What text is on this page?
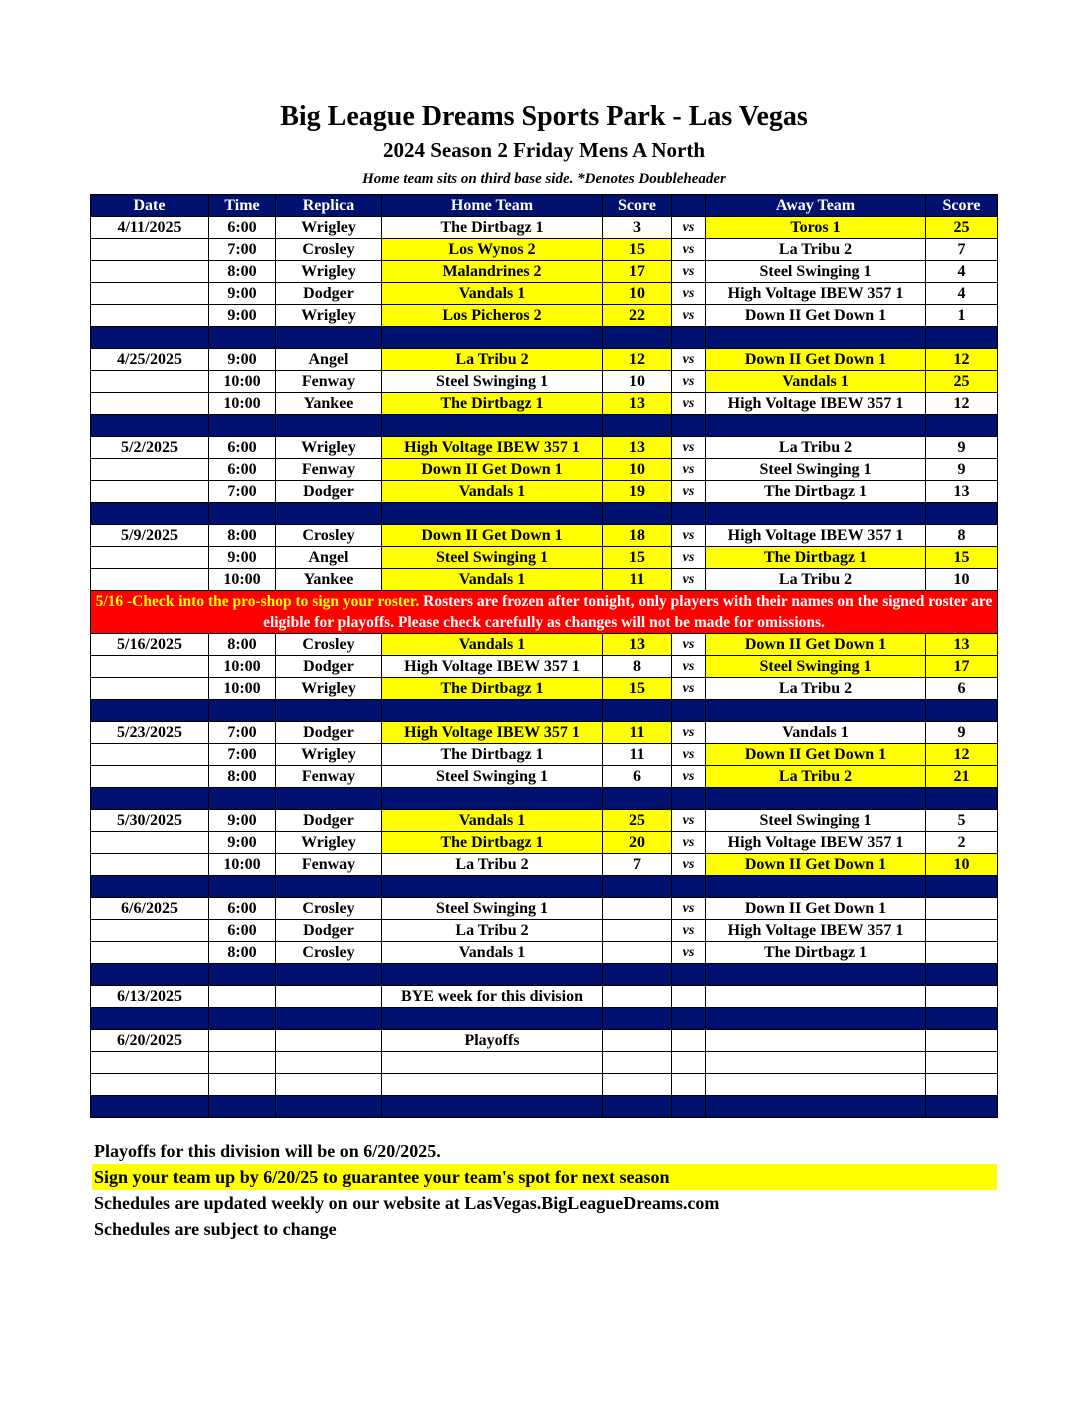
Big League Dreams Sports Park - Las Vegas
2024 Season 2 Friday Mens A North
Home team sits on third base side. *Denotes Doubleheader
Date	Time	Replica	Home Team	Score		Away Team	Score
4/11/2025	6:00	Wrigley	The Dirtbagz 1	3	vs	Toros 1	25
	7:00	Crosley	Los Wynos 2	15	vs	La Tribu 2	7
	8:00	Wrigley	Malandrines 2	17	vs	Steel Swinging 1	4
	9:00	Dodger	Vandals 1	10	vs	High Voltage IBEW 357 1	4
	9:00	Wrigley	Los Picheros 2	22	vs	Down II Get Down 1	1

4/25/2025	9:00	Angel	La Tribu 2	12	vs	Down II Get Down 1	12
	10:00	Fenway	Steel Swinging 1	10	vs	Vandals 1	25
	10:00	Yankee	The Dirtbagz 1	13	vs	High Voltage IBEW 357 1	12

5/2/2025	6:00	Wrigley	High Voltage IBEW 357 1	13	vs	La Tribu 2	9
	6:00	Fenway	Down II Get Down 1	10	vs	Steel Swinging 1	9
	7:00	Dodger	Vandals 1	19	vs	The Dirtbagz 1	13

5/9/2025	8:00	Crosley	Down II Get Down 1	18	vs	High Voltage IBEW 357 1	8
	9:00	Angel	Steel Swinging 1	15	vs	The Dirtbagz 1	15
	10:00	Yankee	Vandals 1	11	vs	La Tribu 2	10
5/16 -Check into the pro-shop to sign your roster. Rosters are frozen after tonight, only players with their names on the signed roster are eligible for playoffs. Please check carefully as changes will not be made for omissions.							
5/16/2025	8:00	Crosley	Vandals 1	13	vs	Down II Get Down 1	13
	10:00	Dodger	High Voltage IBEW 357 1	8	vs	Steel Swinging 1	17
	10:00	Wrigley	The Dirtbagz 1	15	vs	La Tribu 2	6

5/23/2025	7:00	Dodger	High Voltage IBEW 357 1	11	vs	Vandals 1	9
	7:00	Wrigley	The Dirtbagz 1	11	vs	Down II Get Down 1	12
	8:00	Fenway	Steel Swinging 1	6	vs	La Tribu 2	21

5/30/2025	9:00	Dodger	Vandals 1	25	vs	Steel Swinging 1	5
	9:00	Wrigley	The Dirtbagz 1	20	vs	High Voltage IBEW 357 1	2
	10:00	Fenway	La Tribu 2	7	vs	Down II Get Down 1	10

6/6/2025	6:00	Crosley	Steel Swinging 1		vs	Down II Get Down 1	
	6:00	Dodger	La Tribu 2		vs	High Voltage IBEW 357 1	
	8:00	Crosley	Vandals 1		vs	The Dirtbagz 1	

6/13/2025			BYE week for this division				

6/20/2025			Playoffs				

Playoffs for this division will be on 6/20/2025.
Sign your team up by 6/20/25 to guarantee your team's spot for next season
Schedules are updated weekly on our website at LasVegas.BigLeagueDreams.com
Schedules are subject to change
